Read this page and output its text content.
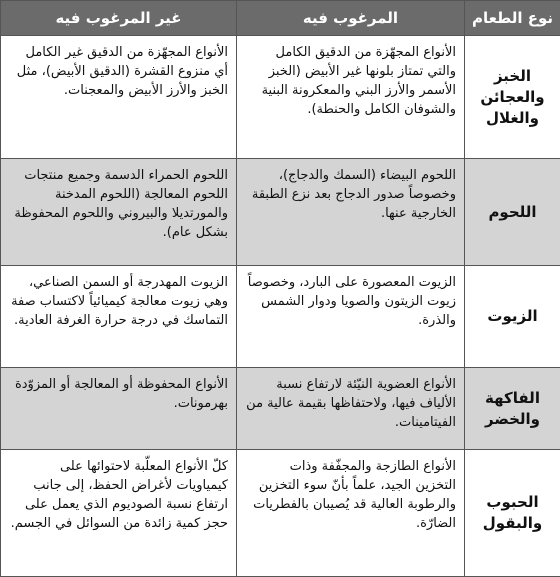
نوع الطعام	المرغوب فيه	غير المرغوب فيه
الخبز والعجائن والغلال	الأنواع المجهّزة من الدقيق الكامل والتي تمتاز بلونها غير الأبيض (الخبز الأسمر والأرز البني والمعكرونة البنية والشوفان الكامل والحنطة).	الأنواع المجهّزة من الدقيق غير الكامل أي منزوع القشرة (الدقيق الأبيض)، مثل الخبز والأرز الأبيض والمعجنات.
اللحوم	اللحوم البيضاء (السمك والدجاج)، وخصوصاً صدور الدجاج بعد نزع الطبقة الخارجية عنها.	اللحوم الحمراء الدسمة وجميع منتجات اللحوم المعالجة (اللحوم المدخنة والمورتديلا والبيروني واللحوم المحفوظة بشكل عام).
الزيوت	الزيوت المعصورة على البارد، وخصوصاً زيوت الزيتون والصويا ودوار الشمس والذرة.	الزيوت المهدرجة أو السمن الصناعي، وهي زيوت معالجة كيميائياً لاكتساب صفة التماسك في درجة حرارة الغرفة العادية.
الفاكهة والخضر	الأنواع العضوية النيّئة لارتفاع نسبة الألياف فيها، ولاحتفاظها بقيمة عالية من الفيتامينات.	الأنواع المحفوظة أو المعالجة أو المزوّدة بهرمونات.
الحبوب والبقول	الأنواع الطازجة والمجفّفة وذات التخزين الجيد، علماً بأنّ سوء التخزين والرطوبة العالية قد يُصيبان بالفطريات الضارّة.	كلّ الأنواع المعلّبة لاحتوائها على كيمياويات لأغراض الحفظ، إلى جانب ارتفاع نسبة الصوديوم الذي يعمل على حجز كمية زائدة من السوائل في الجسم.
